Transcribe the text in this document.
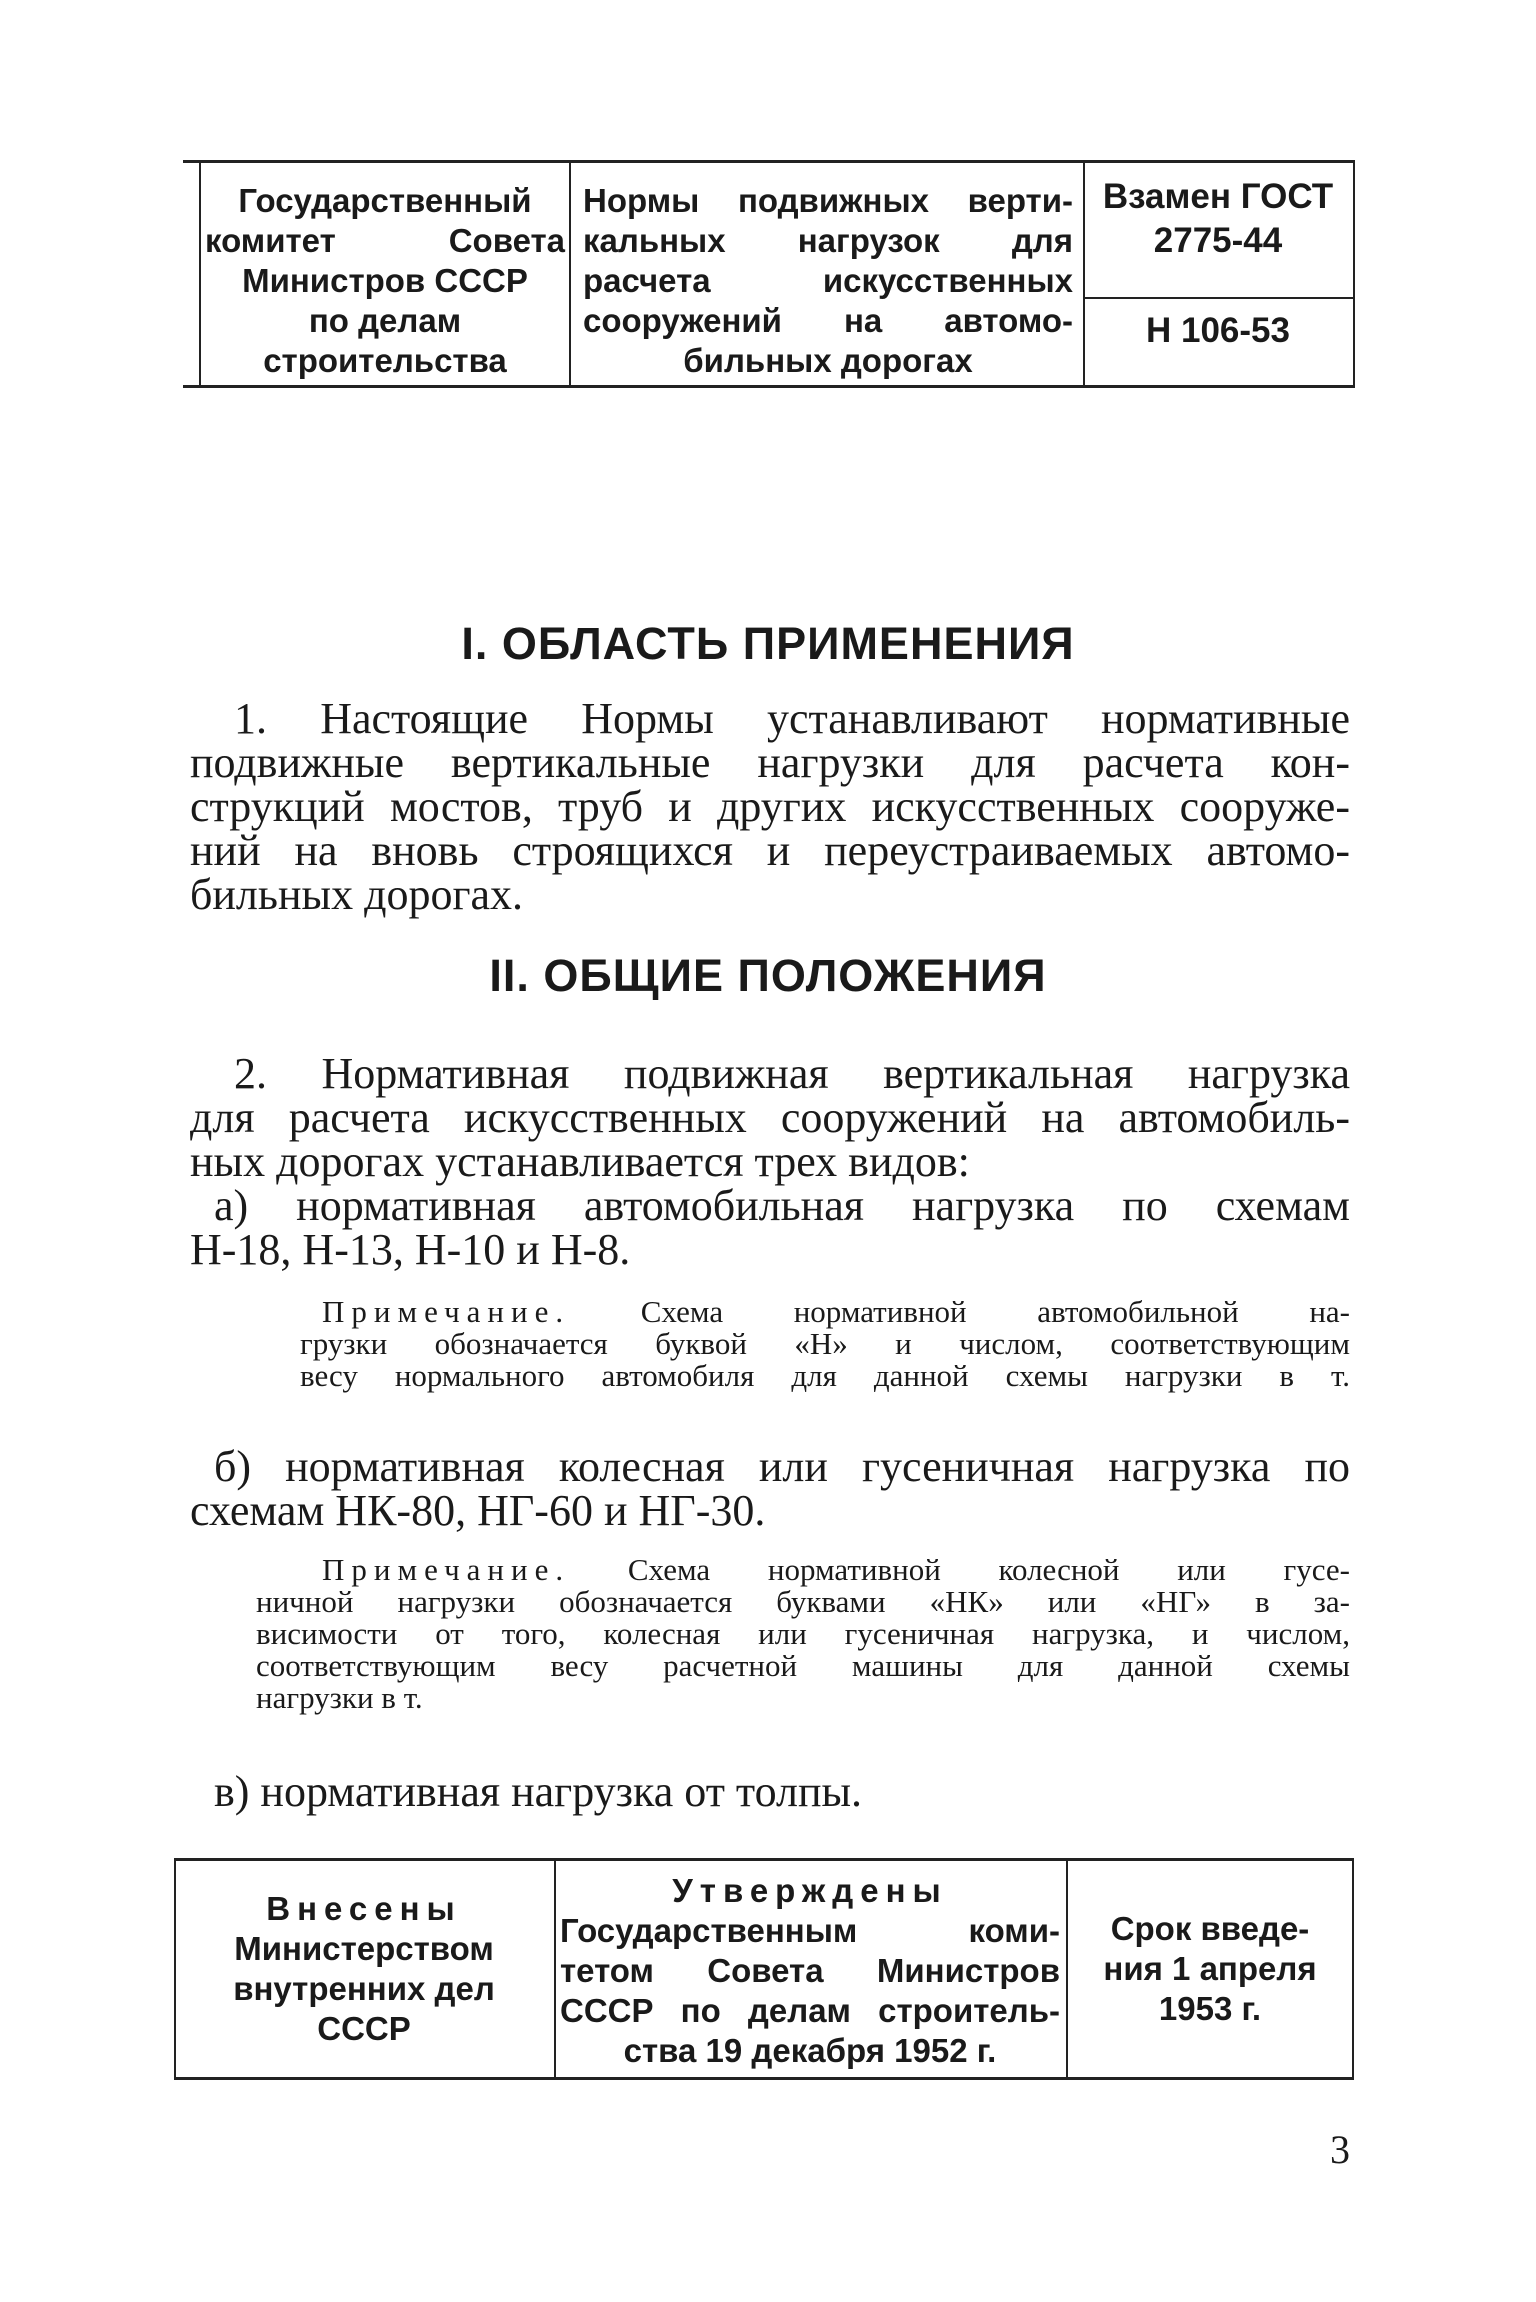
Государственный
комитет Совета
Министров СССР
по делам
строительства
Нормы подвижных верти-
кальных нагрузок для
расчета искусственных
сооружений на автомо-
бильных дорогах
Взамен ГОСТ
2775-44
Н 106-53
I. ОБЛАСТЬ ПРИМЕНЕНИЯ
1. Настоящие Нормы устанавливают нормативные
подвижные вертикальные нагрузки для расчета кон-
струкций мостов, труб и других искусственных сооруже-
ний на вновь строящихся и переустраиваемых автомо-
бильных дорогах.
II. ОБЩИЕ ПОЛОЖЕНИЯ
2. Нормативная подвижная вертикальная нагрузка
для расчета искусственных сооружений на автомобиль-
ных дорогах устанавливается трех видов:
а) нормативная автомобильная нагрузка по схемам
Н-18, Н-13, Н-10 и Н-8.
Примечание. Схема нормативной автомобильной на-
грузки обозначается буквой «Н» и числом, соответствующим
весу нормального автомобиля для данной схемы нагрузки в т.
б) нормативная колесная или гусеничная нагрузка по
схемам НК-80, НГ-60 и НГ-30.
Примечание. Схема нормативной колесной или гусе-
ничной нагрузки обозначается буквами «НК» или «НГ» в за-
висимости от того, колесная или гусеничная нагрузка, и числом,
соответствующим весу расчетной машины для данной схемы
нагрузки в т.
в) нормативная нагрузка от толпы.
Внесены
Министерством
внутренних дел
СССР
Утверждены
Государственным коми-
тетом Совета Министров
СССР по делам строитель-
ства 19 декабря 1952 г.
Срок введе-
ния 1 апреля
1953 г.
3
